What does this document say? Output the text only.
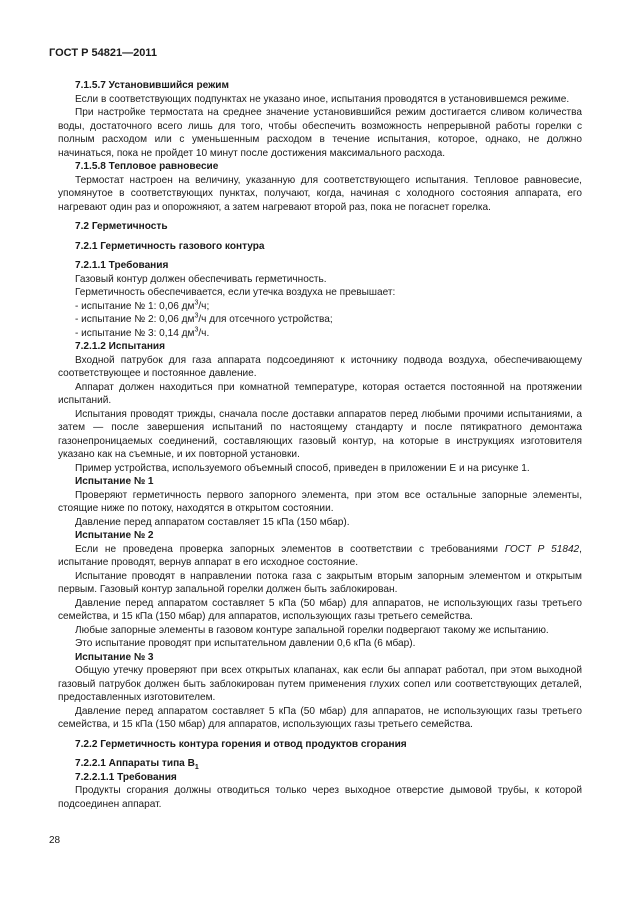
ГОСТ Р 54821—2011

7.1.5.7 Установившийся режим

Если в соответствующих подпунктах не указано иное, испытания проводятся в установившемся режиме.

При настройке термостата на среднее значение установившийся режим достигается сливом количества воды, достаточного всего лишь для того, чтобы обеспечить возможность непрерывной работы горелки с полным расходом или с уменьшенным расходом в течение испытания, которое, однако, не должно начинаться, пока не пройдет 10 минут после достижения максимального расхода.

7.1.5.8 Тепловое равновесие

Термостат настроен на величину, указанную для соответствующего испытания. Тепловое равновесие, упомянутое в соответствующих пунктах, получают, когда, начиная с холодного состояния аппарата, его нагревают один раз и опорожняют, а затем нагревают второй раз, пока не погаснет горелка.

7.2 Герметичность

7.2.1 Герметичность газового контура

7.2.1.1 Требования

Газовый контур должен обеспечивать герметичность.

Герметичность обеспечивается, если утечка воздуха не превышает:

- испытание № 1: 0,06 $дм^3/ч$;

- испытание № 2: 0,06 $дм^3/ч$ для отсечного устройства;

- испытание № 3: 0,14 $дм^3/ч$.

7.2.1.2 Испытания

Входной патрубок для газа аппарата подсоединяют к источнику подвода воздуха, обеспечивающему соответствующее и постоянное давление.

Аппарат должен находиться при комнатной температуре, которая остается постоянной на протяжении испытаний.

Испытания проводят трижды, сначала после доставки аппаратов перед любыми прочими испытаниями, а затем — после завершения испытаний по настоящему стандарту и после пятикратного демонтажа газонепроницаемых соединений, составляющих газовый контур, на которые в инструкциях изготовителя указано как на съемные, и их повторной установки.

Пример устройства, используемого объемный способ, приведен в приложении Е и на рисунке 1.

Испытание № 1

Проверяют герметичность первого запорного элемента, при этом все остальные запорные элементы, стоящие ниже по потоку, находятся в открытом состоянии.

Давление перед аппаратом составляет 15 кПа (150 мбар).

Испытание № 2

Если не проведена проверка запорных элементов в соответствии с требованиями ГОСТ Р 51842, испытание проводят, вернув аппарат в его исходное состояние.

Испытание проводят в направлении потока газа с закрытым вторым запорным элементом и открытым первым. Газовый контур запальной горелки должен быть заблокирован.

Давление перед аппаратом составляет 5 кПа (50 мбар) для аппаратов, не использующих газы третьего семейства, и 15 кПа (150 мбар) для аппаратов, использующих газы третьего семейства.

Любые запорные элементы в газовом контуре запальной горелки подвергают такому же испытанию.

Это испытание проводят при испытательном давлении 0,6 кПа (6 мбар).

Испытание № 3

Общую утечку проверяют при всех открытых клапанах, как если бы аппарат работал, при этом выходной газовый патрубок должен быть заблокирован путем применения глухих сопел или соответствующих деталей, предоставленных изготовителем.

Давление перед аппаратом составляет 5 кПа (50 мбар) для аппаратов, не использующих газы третьего семейства, и 15 кПа (150 мбар) для аппаратов, использующих газы третьего семейства.

7.2.2 Герметичность контура горения и отвод продуктов сгорания

7.2.2.1 Аппараты типа $B_1$

7.2.2.1.1 Требования

Продукты сгорания должны отводиться только через выходное отверстие дымовой трубы, к которой подсоединен аппарат.

28
